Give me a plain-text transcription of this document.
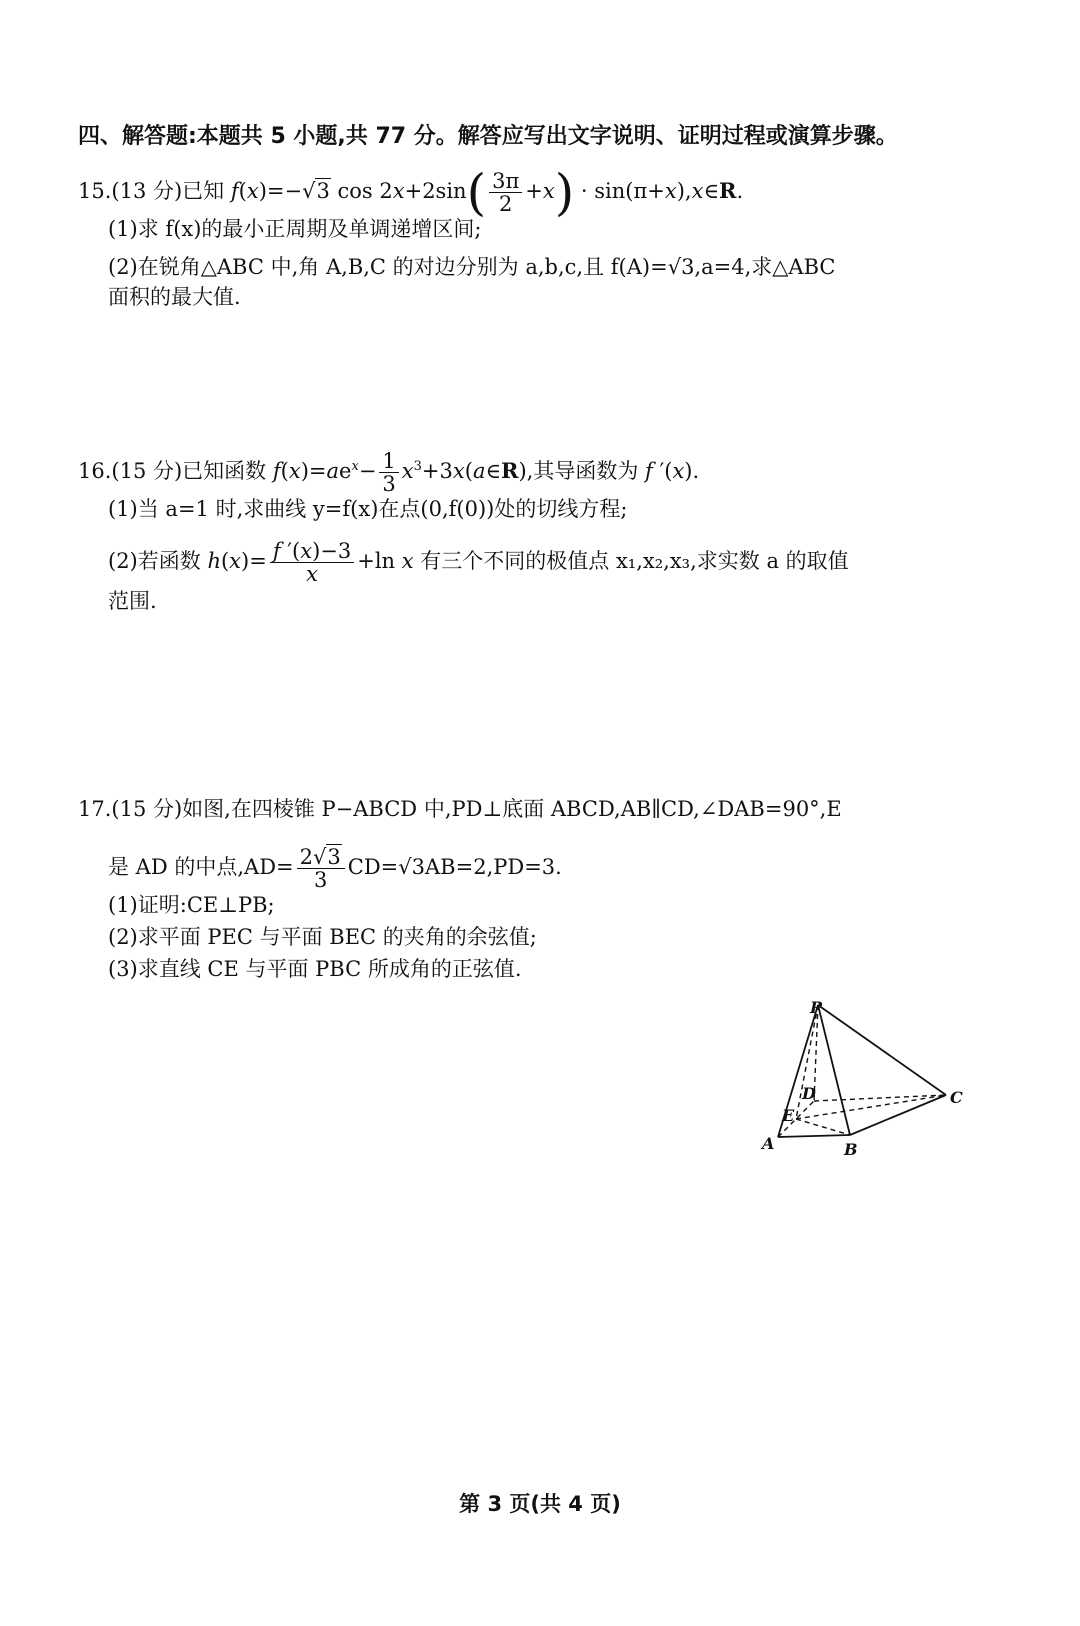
四、解答题:本题共 5 小题,共 77 分。解答应写出文字说明、证明过程或演算步骤。
15.(13 分)已知 f(x)=−√3 $\cos 2x+2\sin( \frac{3\pi}{2} +x)$ · sin(π+x),x∈R.
(1)求 f(x)的最小正周期及单调递增区间;
(2)在锐角△ABC 中,角 A,B,C 的对边分别为 a,b,c,且 f(A)=√3,a=4,求△ABC
面积的最大值.
16.(15 分)已知函数 $f(x)=ae^x- \frac{1}{3}$ $x^3+3x(a\in R)$,其导函数为 f ′(x).
(1)当 a=1 时,求曲线 y=f(x)在点(0,f(0))处的切线方程;
(2)若函数 $h(x)= \frac{f '(x)-3}{x} +\ln$ x 有三个不同的极值点 x₁,x₂,x₃,求实数 a 的取值
范围.
17.(15 分)如图,在四棱锥 P−ABCD 中,PD⊥底面 ABCD,AB∥CD,∠DAB=90°,E
是 AD 的中点$,AD= \frac{2√3}{3} CD=√3AB=2,PD=3$.
(1)证明:CE⊥PB;
(2)求平面 PEC 与平面 BEC 的夹角的余弦值;
(3)求直线 CE 与平面 PBC 所成角的正弦值.
P
D
E
A	B
C
第 3 页(共 4 页)
